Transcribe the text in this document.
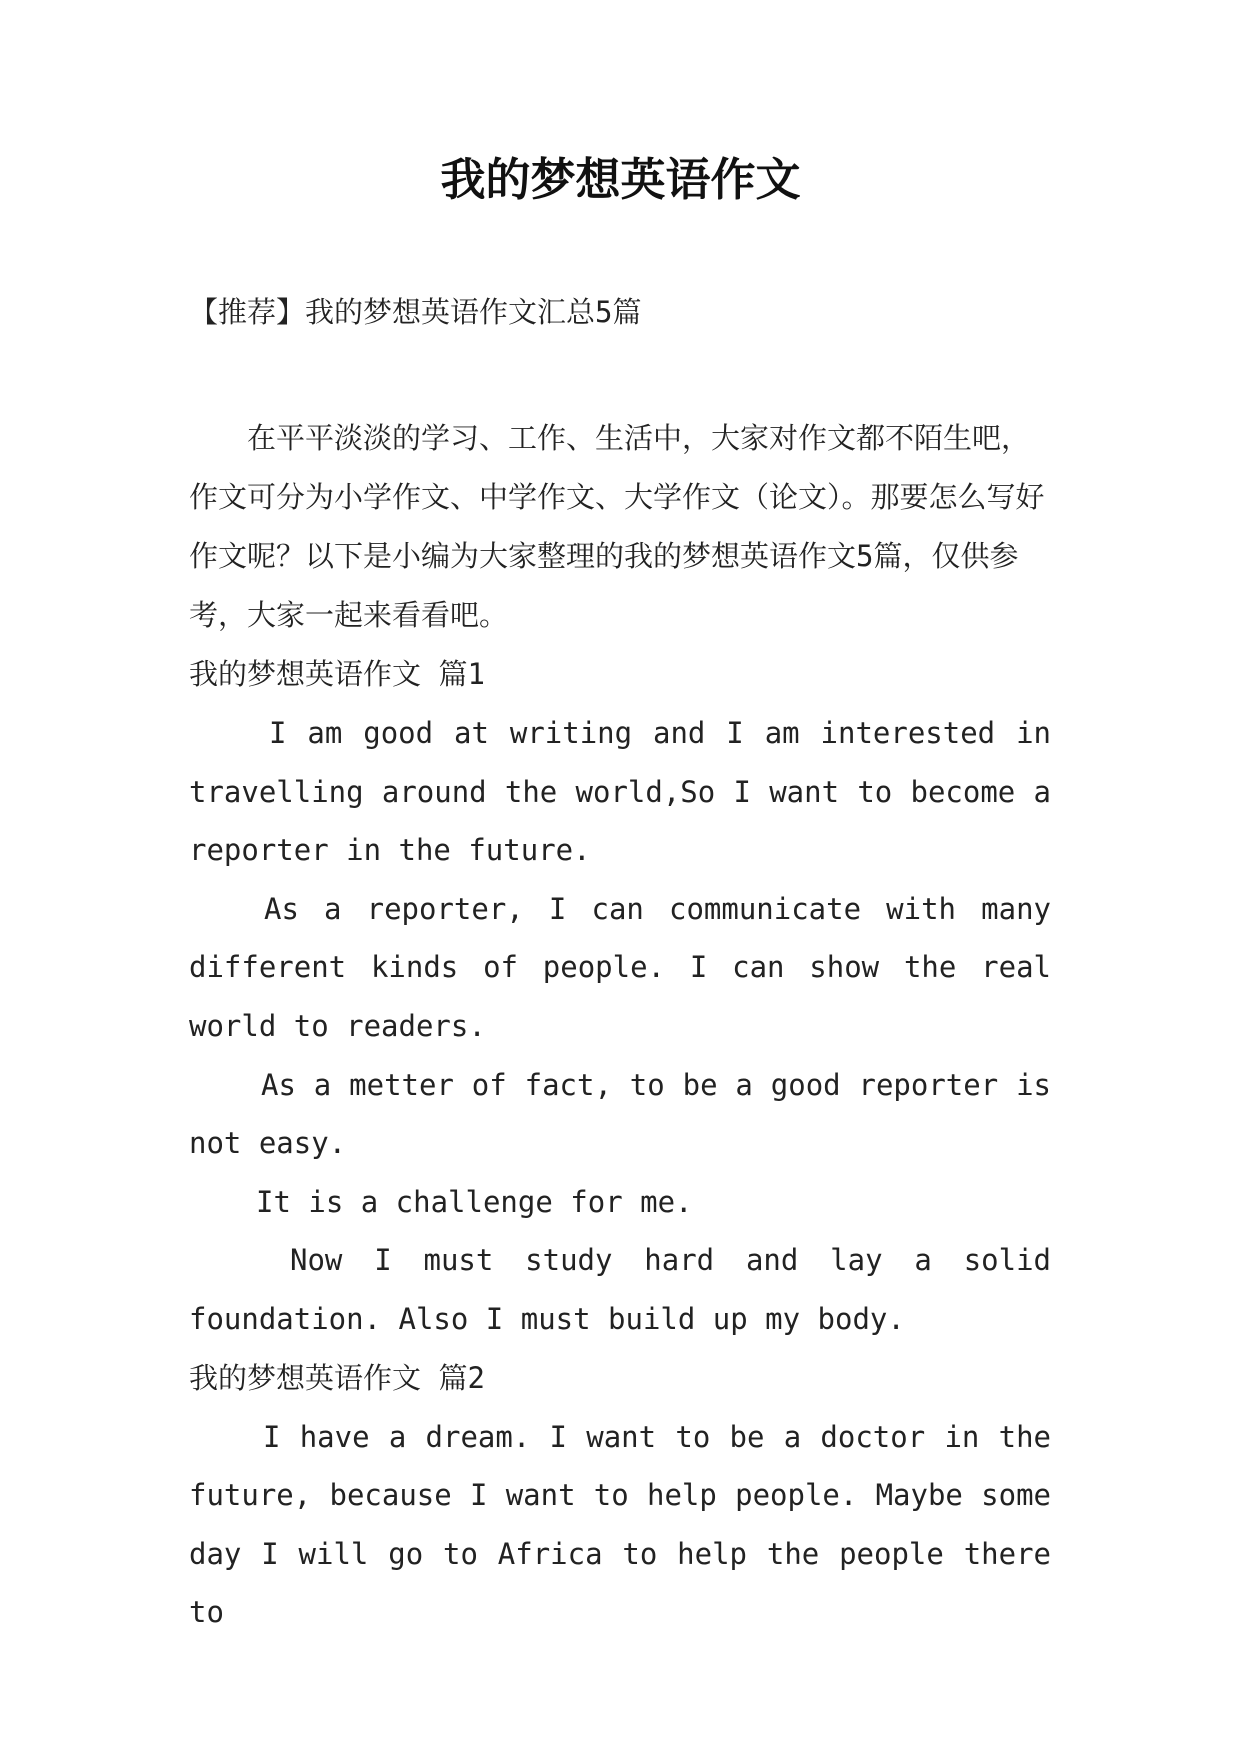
我的梦想英语作文

【推荐】我的梦想英语作文汇总5篇

在平平淡淡的学习、工作、生活中，大家对作文都不陌生吧，作文可分为小学作文、中学作文、大学作文（论文）。那要怎么写好作文呢？以下是小编为大家整理的我的梦想英语作文5篇，仅供参考，大家一起来看看吧。

我的梦想英语作文 篇1

I am good at writing and I am interested in travelling around the world,So I want to become a reporter in the future.

As a reporter, I can communicate with many different kinds of people. I can show the real world to readers.

As a metter of fact, to be a good reporter is not easy.

It is a challenge for me.

Now I must study hard and lay a solid foundation. Also I must build up my body.

我的梦想英语作文 篇2

I have a dream. I want to be a doctor in the future, because I want to help people. Maybe some day I will go to Africa to help the people there to
